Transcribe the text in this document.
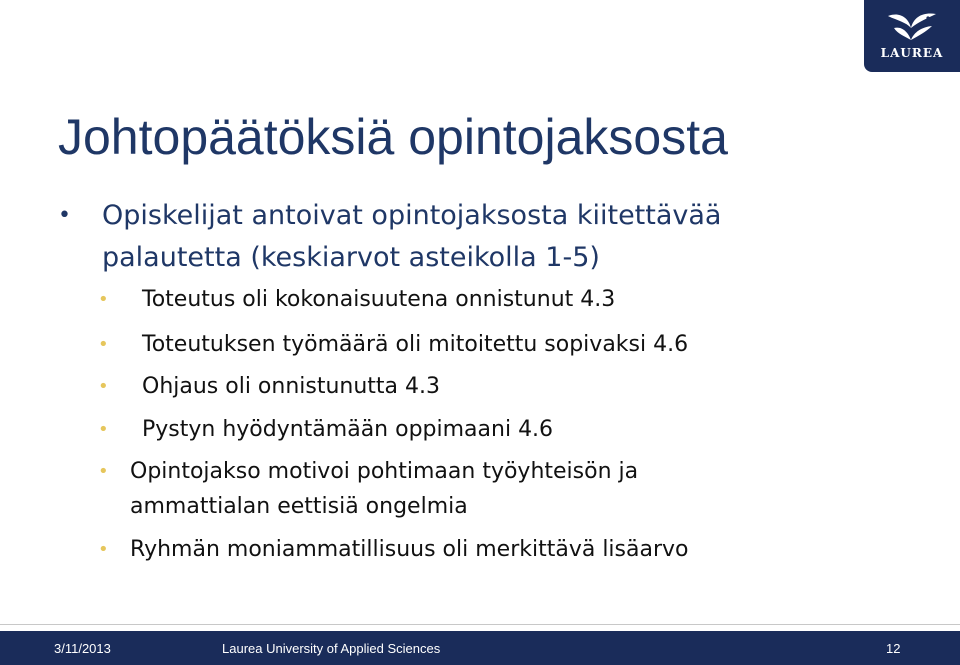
LAUREA
Johtopäätöksiä opintojaksosta
• Opiskelijat antoivat opintojaksosta kiitettävää
palautetta (keskiarvot asteikolla 1-5)
• Toteutus oli kokonaisuutena onnistunut 4.3
• Toteutuksen työmäärä oli mitoitettu sopivaksi 4.6
• Ohjaus oli onnistunutta 4.3
• Pystyn hyödyntämään oppimaani 4.6
• Opintojakso motivoi pohtimaan työyhteisön ja
ammattialan eettisiä ongelmia
• Ryhmän moniammatillisuus oli merkittävä lisäarvo
3/11/2013	Laurea University of Applied Sciences	12
